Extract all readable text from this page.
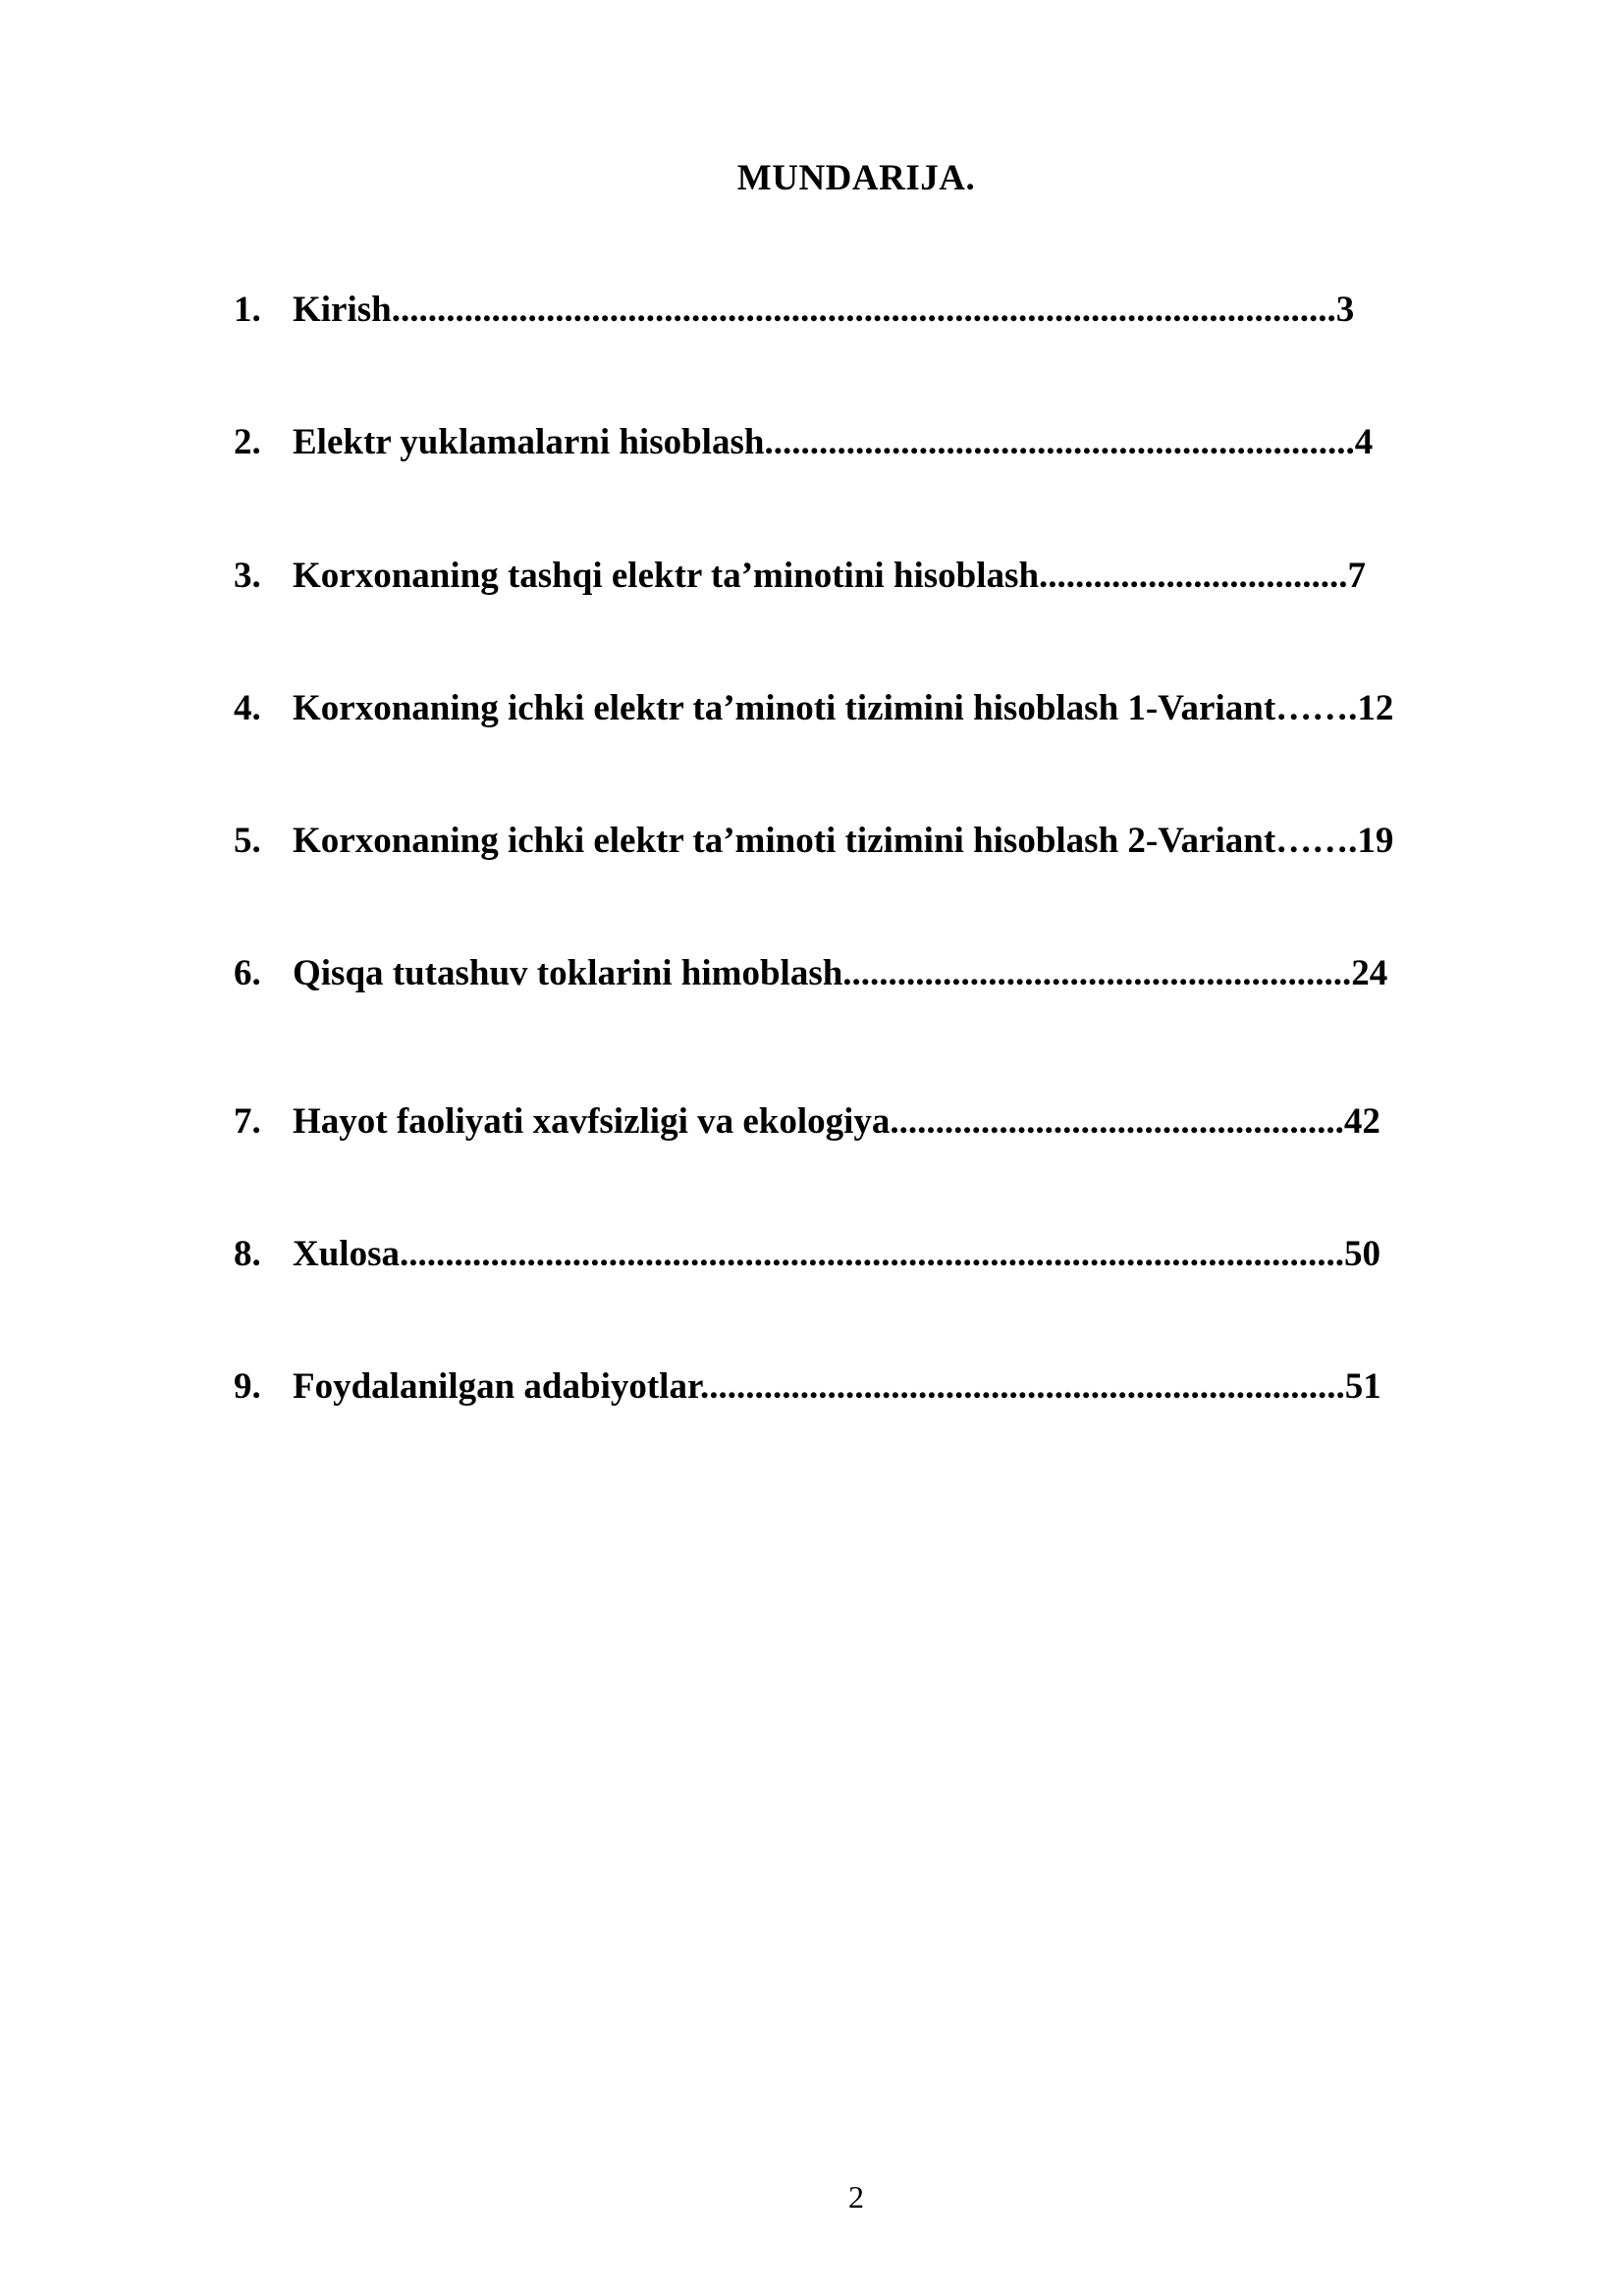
MUNDARIJA.
1. Kirish........................................................................................................3
2. Elektr yuklamalarni hisoblash.................................................................4
3. Korxonaning tashqi elektr ta’minotini hisoblash..................................7
4. Korxonaning ichki elektr ta’minoti tizimini hisoblash 1-Variant…….12
5. Korxonaning ichki elektr ta’minoti tizimini hisoblash 2-Variant…….19
6. Qisqa tutashuv toklarini himoblash........................................................24
7. Hayot faoliyati xavfsizligi va ekologiya..................................................42
8. Xulosa........................................................................................................50
9. Foydalanilgan adabiyotlar.......................................................................51
2
